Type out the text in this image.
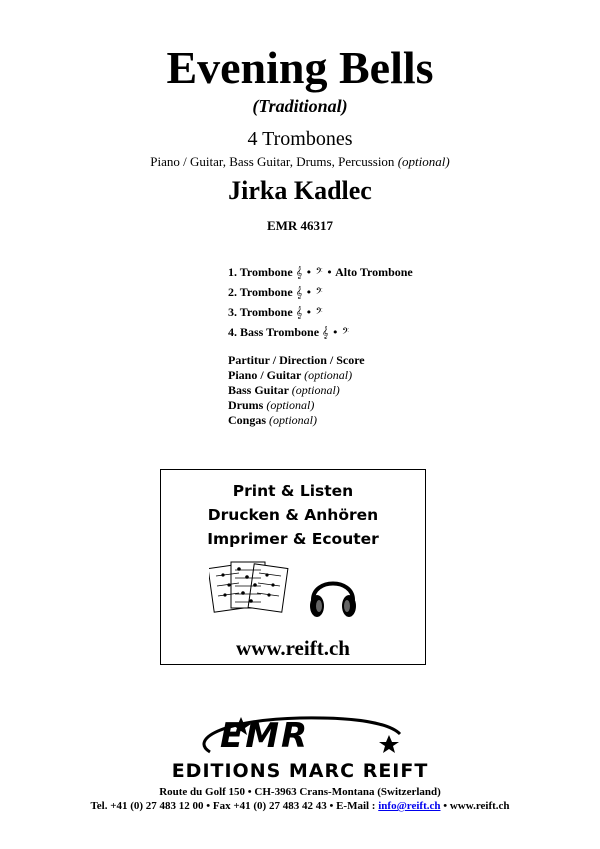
Evening Bells
(Traditional)
4 Trombones
Piano / Guitar, Bass Guitar, Drums, Percussion (optional)
Jirka Kadlec
EMR 46317
1. Trombone 𝄞 • 𝄢 • Alto Trombone
2. Trombone 𝄞 • 𝄢
3. Trombone 𝄞 • 𝄢
4. Bass Trombone 𝄞 • 𝄢
Partitur / Direction / Score
Piano / Guitar (optional)
Bass Guitar (optional)
Drums (optional)
Congas (optional)
Print & Listen
Drucken & Anhören
Imprimer & Ecouter
www.reift.ch
EMR
EDITIONS MARC REIFT
Route du Golf 150 • CH-3963 Crans-Montana (Switzerland)
Tel. +41 (0) 27 483 12 00 • Fax +41 (0) 27 483 42 43 • E-Mail : info@reift.ch • www.reift.ch
